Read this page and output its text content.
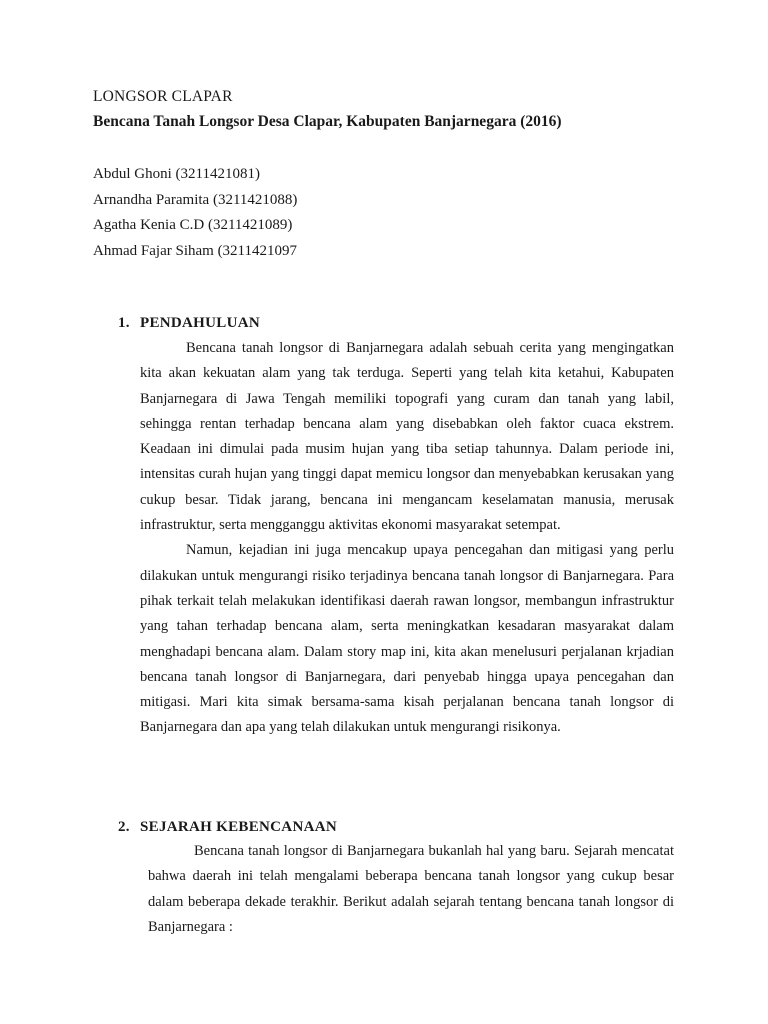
LONGSOR CLAPAR
Bencana Tanah Longsor Desa Clapar, Kabupaten Banjarnegara (2016)
Abdul Ghoni (3211421081)
Arnandha Paramita (3211421088)
Agatha Kenia C.D (3211421089)
Ahmad Fajar Siham (3211421097
1. PENDAHULUAN

Bencana tanah longsor di Banjarnegara adalah sebuah cerita yang mengingatkan kita akan kekuatan alam yang tak terduga. Seperti yang telah kita ketahui, Kabupaten Banjarnegara di Jawa Tengah memiliki topografi yang curam dan tanah yang labil, sehingga rentan terhadap bencana alam yang disebabkan oleh faktor cuaca ekstrem. Keadaan ini dimulai pada musim hujan yang tiba setiap tahunnya. Dalam periode ini, intensitas curah hujan yang tinggi dapat memicu longsor dan menyebabkan kerusakan yang cukup besar. Tidak jarang, bencana ini mengancam keselamatan manusia, merusak infrastruktur, serta mengganggu aktivitas ekonomi masyarakat setempat.

Namun, kejadian ini juga mencakup upaya pencegahan dan mitigasi yang perlu dilakukan untuk mengurangi risiko terjadinya bencana tanah longsor di Banjarnegara. Para pihak terkait telah melakukan identifikasi daerah rawan longsor, membangun infrastruktur yang tahan terhadap bencana alam, serta meningkatkan kesadaran masyarakat dalam menghadapi bencana alam. Dalam story map ini, kita akan menelusuri perjalanan krjadian bencana tanah longsor di Banjarnegara, dari penyebab hingga upaya pencegahan dan mitigasi. Mari kita simak bersama-sama kisah perjalanan bencana tanah longsor di Banjarnegara dan apa yang telah dilakukan untuk mengurangi risikonya.

2. SEJARAH KEBENCANAAN

Bencana tanah longsor di Banjarnegara bukanlah hal yang baru. Sejarah mencatat bahwa daerah ini telah mengalami beberapa bencana tanah longsor yang cukup besar dalam beberapa dekade terakhir. Berikut adalah sejarah tentang bencana tanah longsor di Banjarnegara :
